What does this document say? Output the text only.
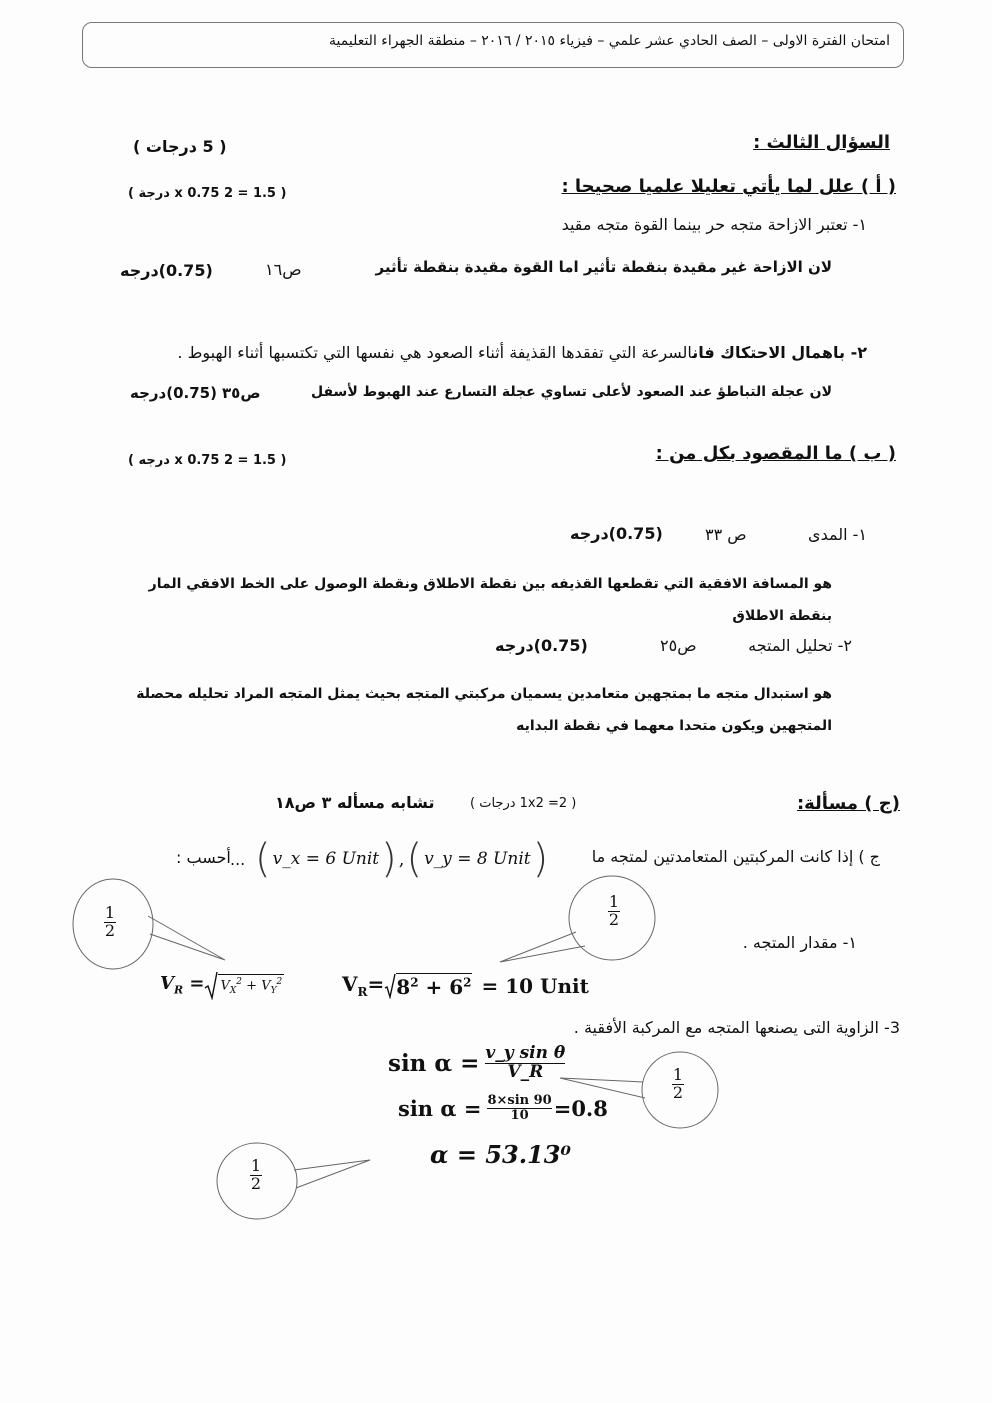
امتحان الفترة الاولى – الصف الحادي عشر علمي – فيزياء ٢٠١٥ / ٢٠١٦ – منطقة الجهراء التعليمية
السؤال الثالث :
( 5 درجات )
( أ ) علل لما يأتي تعليلا علميا صحيحا :
( 1.5 = 2 x 0.75 درجة )
١- تعتبر الازاحة متجه حر بينما القوة متجه مقيد
لان الازاحة غير مقيدة بنقطة تأثير اما القوة مقيدة بنقطة تأثير
ص١٦
(0.75)درجه
٢- باهمال الاحتكاك فانالسرعة التي تفقدها القذيفة أثناء الصعود هي نفسها التي تكتسبها أثناء الهبوط .
لان عجلة التباطؤ عند الصعود لأعلى تساوي عجلة التسارع عند الهبوط لأسفل
ص٣٥
(0.75)درجه
( ب ) ما المقصود بكل من :
( 1.5 = 2 x 0.75 درجه )
١- المدى
ص ٣٣
(0.75)درجه
هو المسافة الافقية التي تقطعها القذيفه بين نقطة الاطلاق ونقطة الوصول على الخط الافقي المار بنقطة الاطلاق
٢- تحليل المتجه
ص٢٥
(0.75)درجه
هو استبدال متجه ما بمتجهين متعامدين يسميان مركبتي المتجه بحيث يمثل المتجه المراد تحليله محصلة المتجهين ويكون متحدا معهما في نقطة البدايه
(ج ) مسألة:
( 1x2 =2 درجات )
تشابه مسأله ٣ ص١٨
ج ) إذا كانت المركبتين المتعامدتين لمتجه ما
( v_x = 6 Unit ) , ( v_y = 8 Unit )
...
أحسب :
١- مقدار المتجه .
$V_R = V_X^2 + V_Y^2$	$V_R= 8^2 + 6^2 = 10$ Unit
3- الزاوية التى يصنعها المتجه مع المركبة الأفقية .
$\sin \alpha = \frac{\text{v\_y sin θ}}{V\_R}$
$\sin \alpha = \frac{8\times\sin 90}{10} =0.8$
α = 53.13⁰
1
2
1
2
1
2
1
2
